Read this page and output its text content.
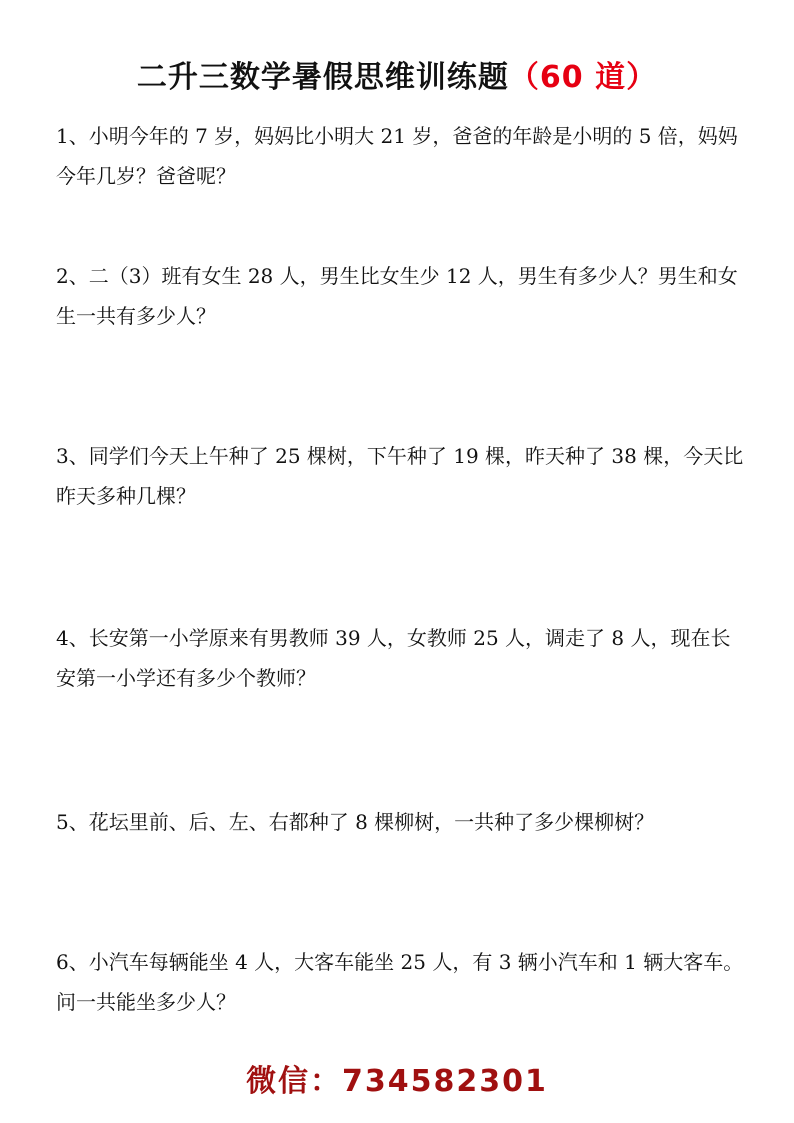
二升三数学暑假思维训练题（60 道）

1、小明今年的 7 岁，妈妈比小明大 21 岁，爸爸的年龄是小明的 5 倍，妈妈今年几岁？爸爸呢？

2、二（3）班有女生 28 人，男生比女生少 12 人，男生有多少人？男生和女生一共有多少人？

3、同学们今天上午种了 25 棵树，下午种了 19 棵，昨天种了 38 棵，今天比昨天多种几棵？

4、长安第一小学原来有男教师 39 人，女教师 25 人，调走了 8 人，现在长安第一小学还有多少个教师？

5、花坛里前、后、左、右都种了 8 棵柳树，一共种了多少棵柳树？

6、小汽车每辆能坐 4 人，大客车能坐 25 人，有 3 辆小汽车和 1 辆大客车。问一共能坐多少人？

微信：734582301
